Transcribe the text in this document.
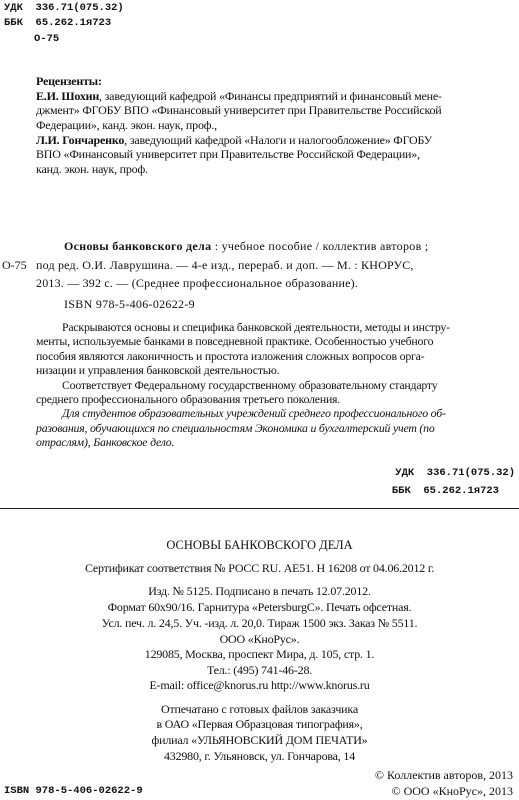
УДК 336.71(075.32)
ББК 65.262.1я723
О-75

Рецензенты:

Е.И. Шохин, заведующий кафедрой «Финансы предприятий и финансовый мене-

джмент» ФГОБУ ВПО «Финансовый университет при Правительстве Российской

Федерации», канд. экон. наук, проф.,

Л.И. Гончаренко, заведующий кафедрой «Налоги и налогообложение» ФГОБУ

ВПО «Финансовый университет при Правительстве Российской Федерации»,

канд. экон. наук, проф.

Основы банковского дела : учебное пособие / коллектив авторов ;
О-75 под ред. О.И. Лаврушина. — 4-е изд., перераб. и доп. — М. : КНОРУС,
2013. — 392 с. — (Среднее профессиональное образование).
ISBN 978-5-406-02622-9

Раскрываются основы и специфика банковской деятельности, методы и инстру-

менты, используемые банками в повседневной практике. Особенностью учебного

пособия являются лаконичность и простота изложения сложных вопросов орга-

низации и управления банковской деятельностью.

Соответствует Федеральному государственному образовательному стандарту

среднего профессионального образования третьего поколения.

Для студентов образовательных учреждений среднего профессионального об-

разования, обучающихся по специальностям Экономика и бухгалтерский учет (по

отраслям), Банковское дело.

УДК 336.71(075.32)
ББК 65.262.1я723
ОСНОВЫ БАНКОВСКОГО ДЕЛА
Сертификат соответствия № РОСС RU. АЕ51. Н 16208 от 04.06.2012 г.
Изд. № 5125. Подписано в печать 12.07.2012.
Формат 60х90/16. Гарнитура «PetersburgC». Печать офсетная.
Усл. печ. л. 24,5. Уч. -изд. л. 20,0. Тираж 1500 экз. Заказ № 5511.
ООО «КноРус».
129085, Москва, проспект Мира, д. 105, стр. 1.
Тел.: (495) 741-46-28.
E-mail: office@knorus.ru http://www.knorus.ru
Отпечатано с готовых файлов заказчика
в ОАО «Первая Образцовая типография»,
филиал «УЛЬЯНОВСКИЙ ДОМ ПЕЧАТИ»
432980, г. Ульяновск, ул. Гончарова, 14
© Коллектив авторов, 2013
ISBN 978-5-406-02622-9	© ООО «КноРус», 2013
